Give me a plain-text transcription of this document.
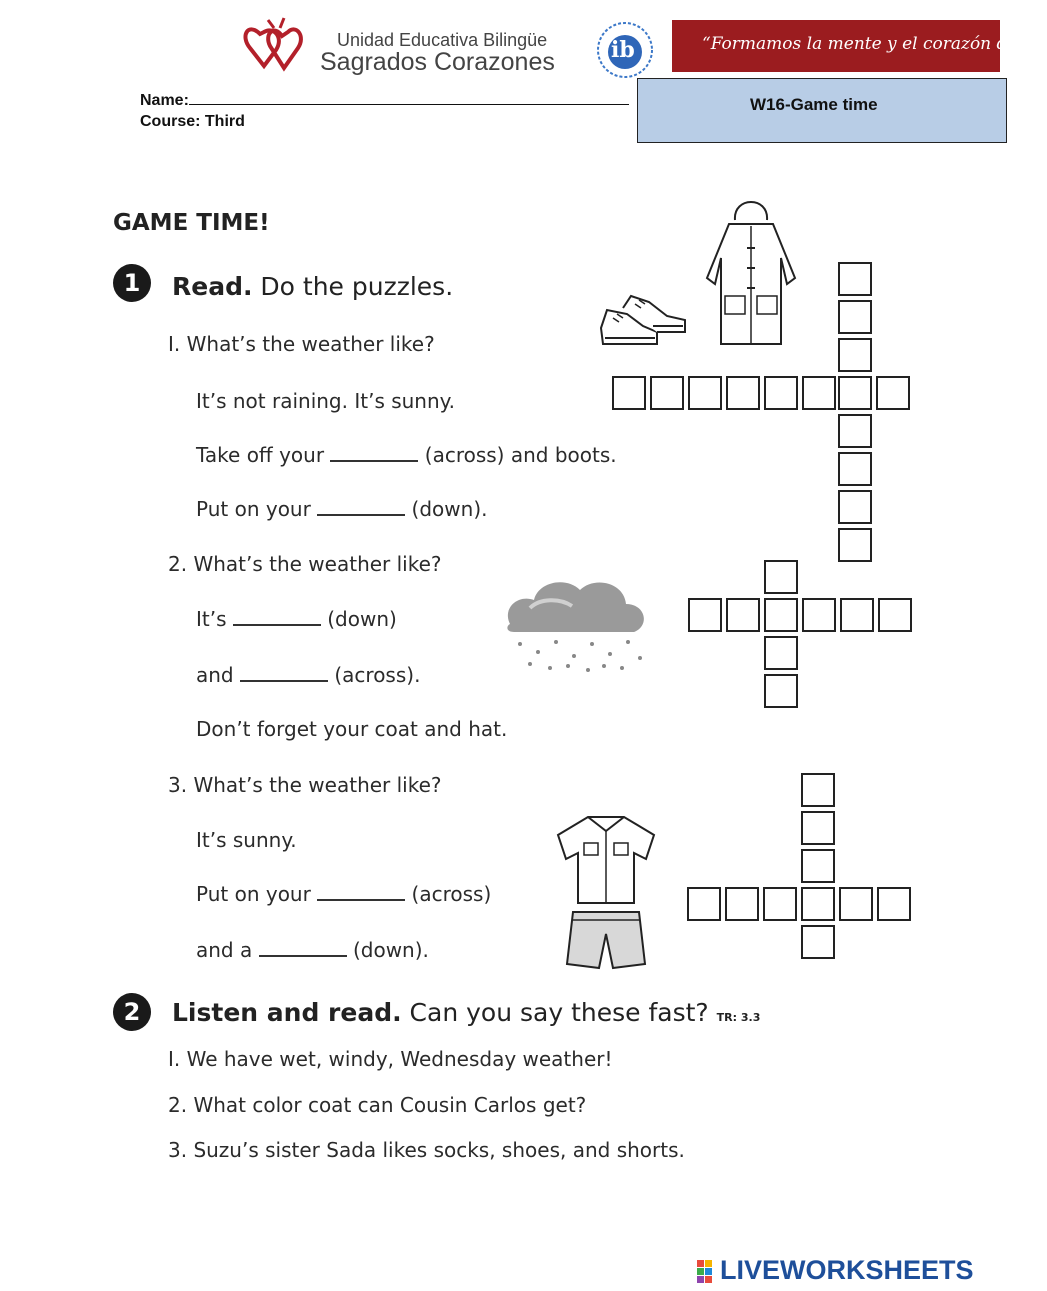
Unidad Educativa Bilingüe
Sagrados Corazones	ib	“Formamos la mente y el corazón de los
Name:
Course: Third
W16-Game time
GAME TIME!
1	Read. Do the puzzles.
I. What’s the weather like?
It’s not raining. It’s sunny.
Take off your	(across) and boots.
Put on your	(down).
2. What’s the weather like?
It’s	(down)
and	(across).
Don’t forget your coat and hat.
3. What’s the weather like?
It’s sunny.
Put on your	(across)
and a	(down).
2	Listen and read. Can you say these fast? TR: 3.3
I. We have wet, windy, Wednesday weather!
2. What color coat can Cousin Carlos get?
3. Suzu’s sister Sada likes socks, shoes, and shorts.
LIVEWORKSHEETS
